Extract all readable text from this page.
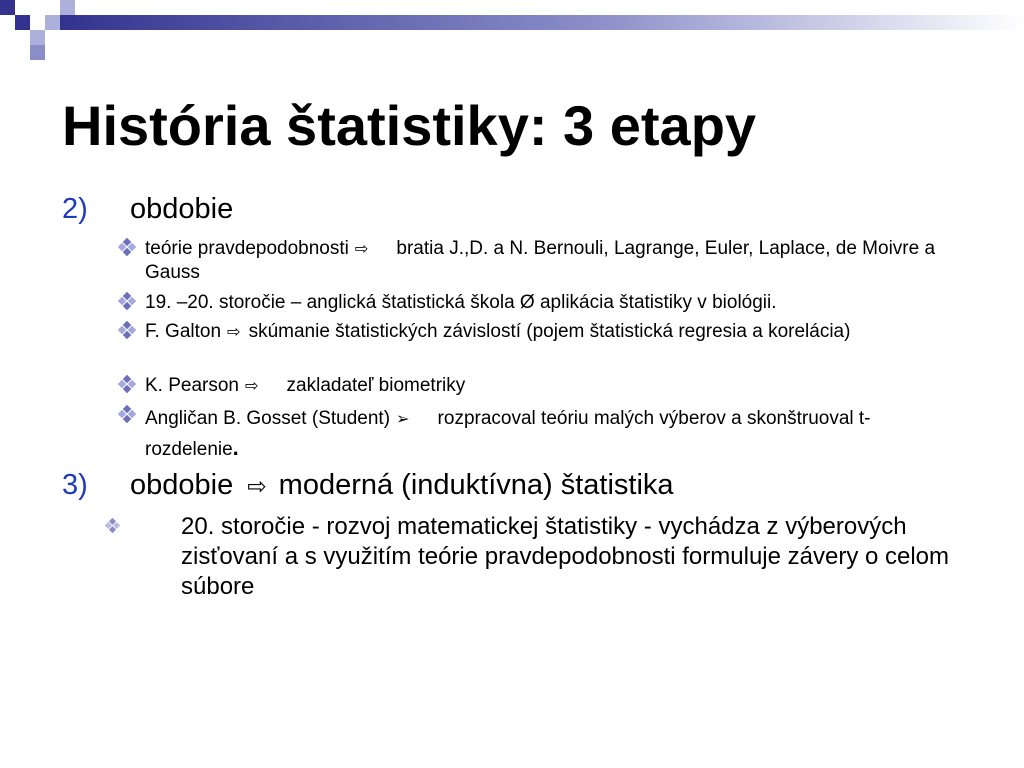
História štatistiky: 3 etapy
2) obdobie
teórie pravdepodobnosti ⇨ bratia J.,D. a N. Bernouli, Lagrange, Euler, Laplace, de Moivre a Gauss
19. –20. storočie – anglická štatistická škola Ø aplikácia štatistiky v biológii.
F. Galton ⇨ skúmanie štatistických závislostí (pojem štatistická regresia a korelácia)
K. Pearson ⇨ zakladateľ biometriky
Angličan B. Gosset (Student) ➢ rozpracoval teóriu malých výberov a skonštruoval t-rozdelenie.
3) obdobie ⇨ moderná (induktívna) štatistika
20. storočie - rozvoj matematickej štatistiky - vychádza z výberových zisťovaní a s využitím teórie pravdepodobnosti formuluje závery o celom súbore
